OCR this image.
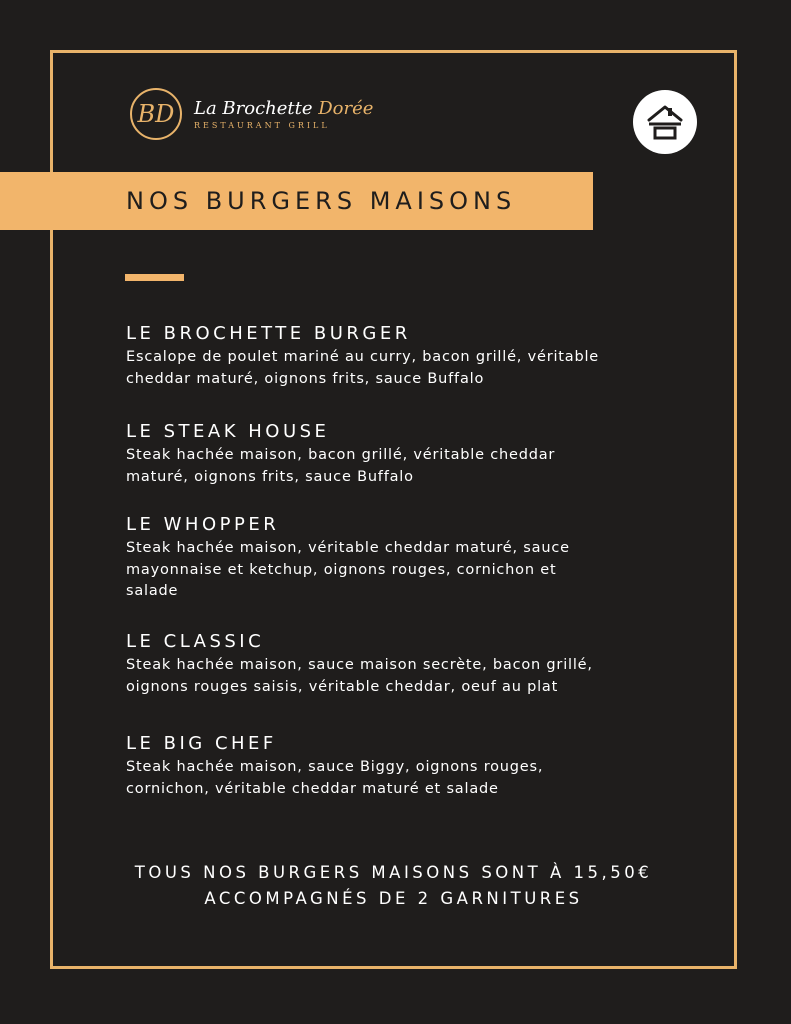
BD	La Brochette Dorée
RESTAURANT GRILL
NOS BURGERS MAISONS
LE BROCHETTE BURGER
Escalope de poulet mariné au curry, bacon grillé, véritable
cheddar maturé, oignons frits, sauce Buffalo
LE STEAK HOUSE
Steak hachée maison, bacon grillé, véritable cheddar
maturé, oignons frits, sauce Buffalo
LE WHOPPER
Steak hachée maison, véritable cheddar maturé, sauce
mayonnaise et ketchup, oignons rouges, cornichon et
salade
LE CLASSIC
Steak hachée maison, sauce maison secrète, bacon grillé,
oignons rouges saisis, véritable cheddar, oeuf au plat
LE BIG CHEF
Steak hachée maison, sauce Biggy, oignons rouges,
cornichon, véritable cheddar maturé et salade
TOUS NOS BURGERS MAISONS SONT À 15,50€
ACCOMPAGNÉS DE 2 GARNITURES
